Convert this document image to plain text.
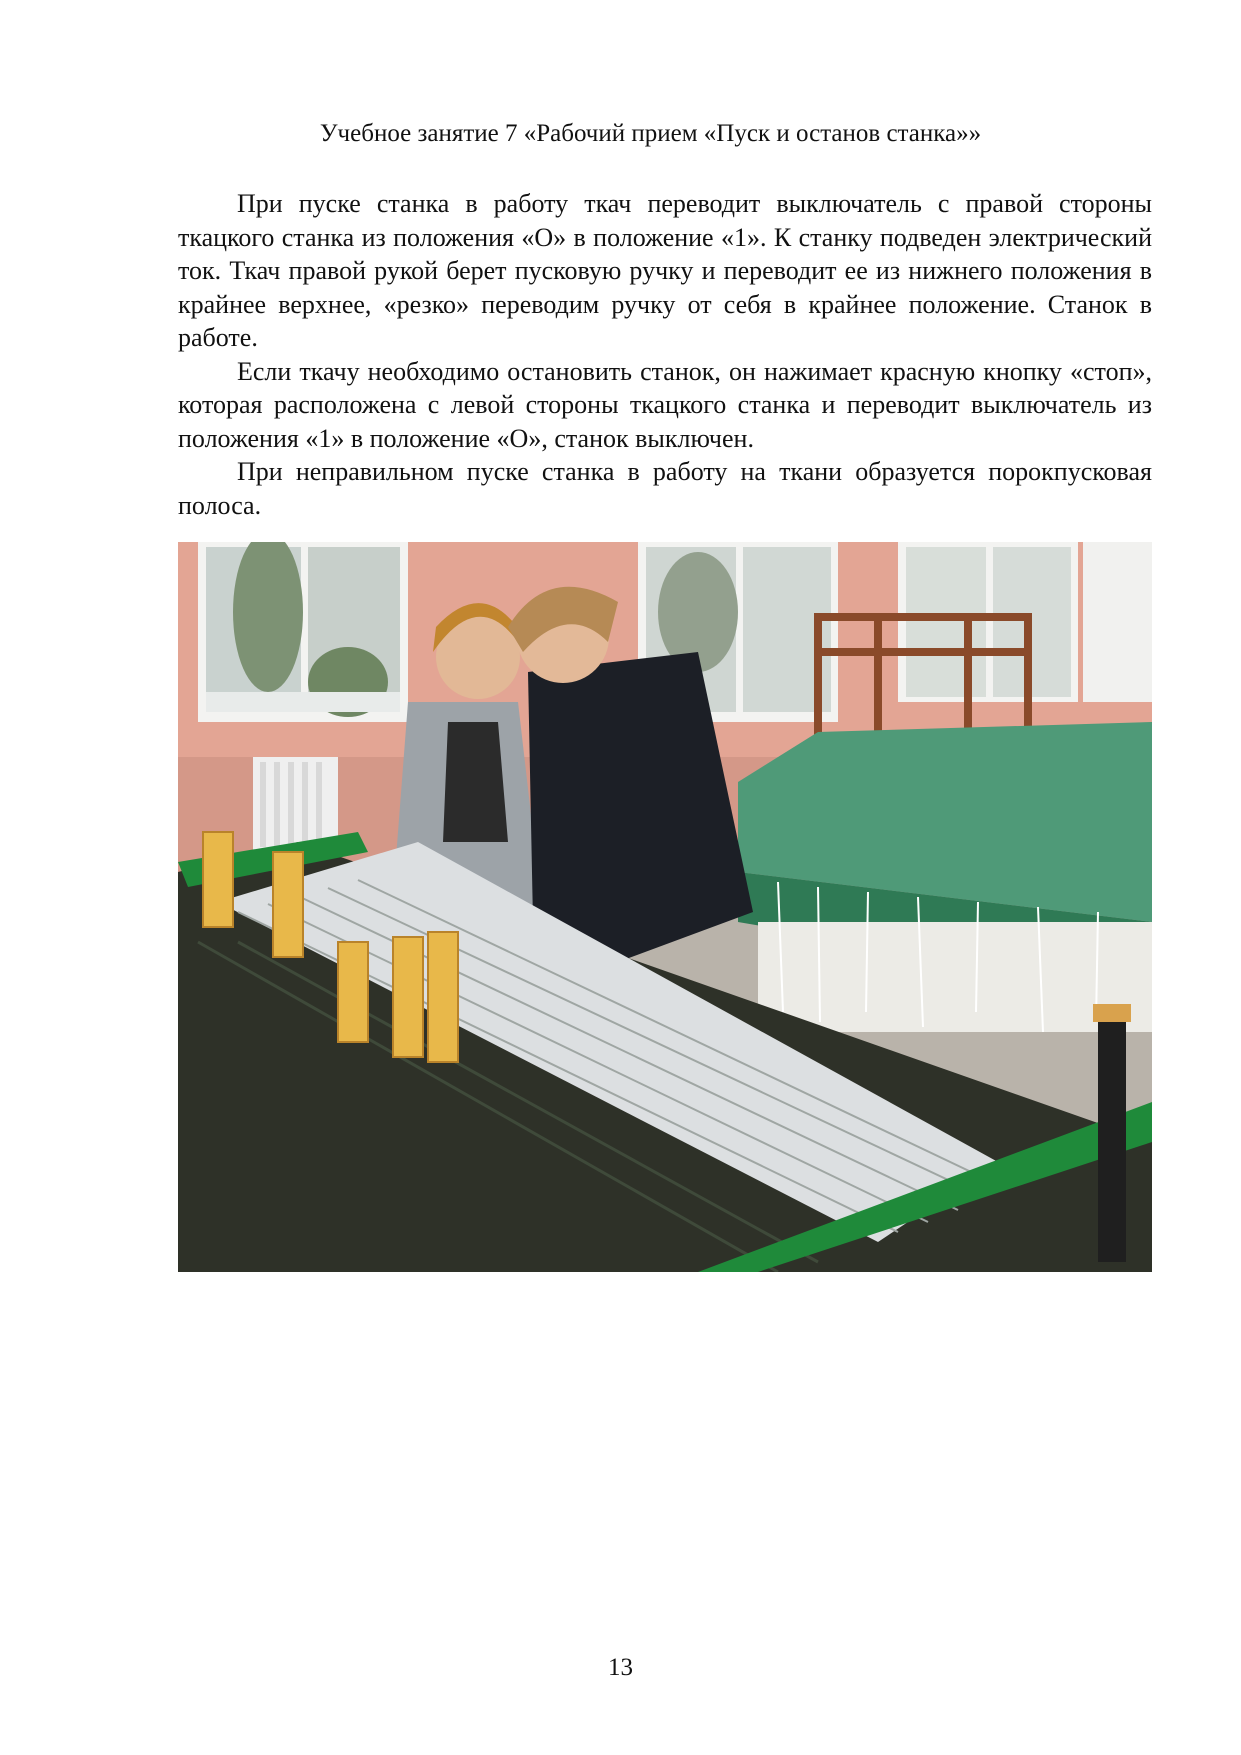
Учебное занятие 7 «Рабочий прием «Пуск и останов станка»»

При пуске станка в работу ткач переводит выключатель с правой стороны ткацкого станка из положения «О» в положение «1». К станку подведен электрический ток. Ткач правой рукой берет пусковую ручку и переводит ее из нижнего положения в крайнее верхнее, «резко» переводим ручку от себя в крайнее положение. Станок в работе.

Если ткачу необходимо остановить станок, он нажимает красную кнопку «стоп», которая расположена с левой стороны ткацкого станка и переводит выключатель из положения «1» в положение «О», станок выключен.

При неправильном пуске станка в работу на ткани образуется порокпусковая полоса.

13
